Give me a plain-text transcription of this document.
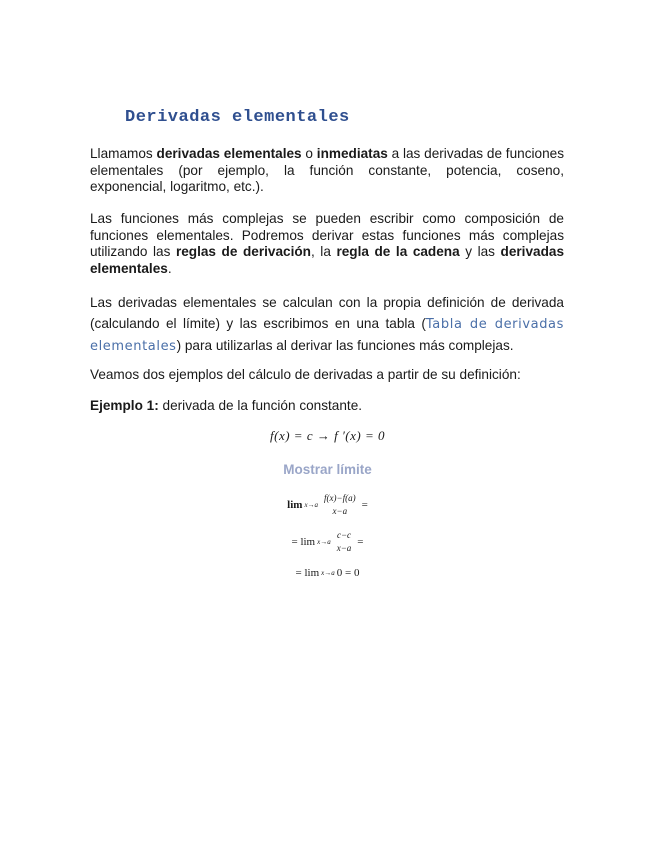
Derivadas elementales

Llamamos derivadas elementales o inmediatas a las derivadas de funciones elementales (por ejemplo, la función constante, potencia, coseno, exponencial, logaritmo, etc.).

Las funciones más complejas se pueden escribir como composición de funciones elementales. Podremos derivar estas funciones más complejas utilizando las reglas de derivación, la regla de la cadena y las derivadas elementales.

Las derivadas elementales se calculan con la propia definición de derivada (calculando el límite) y las escribimos en una tabla (Tabla de derivadas elementales) para utilizarlas al derivar las funciones más complejas.

Veamos dos ejemplos del cálculo de derivadas a partir de su definición:

Ejemplo 1: derivada de la función constante.

f(x) = c → f ′(x) = 0
Mostrar límite
lim x→a
f(x)−f(a)
x−a
=
= lim x→a
c−c
x−a
=
= lim x→a 0 = 0
